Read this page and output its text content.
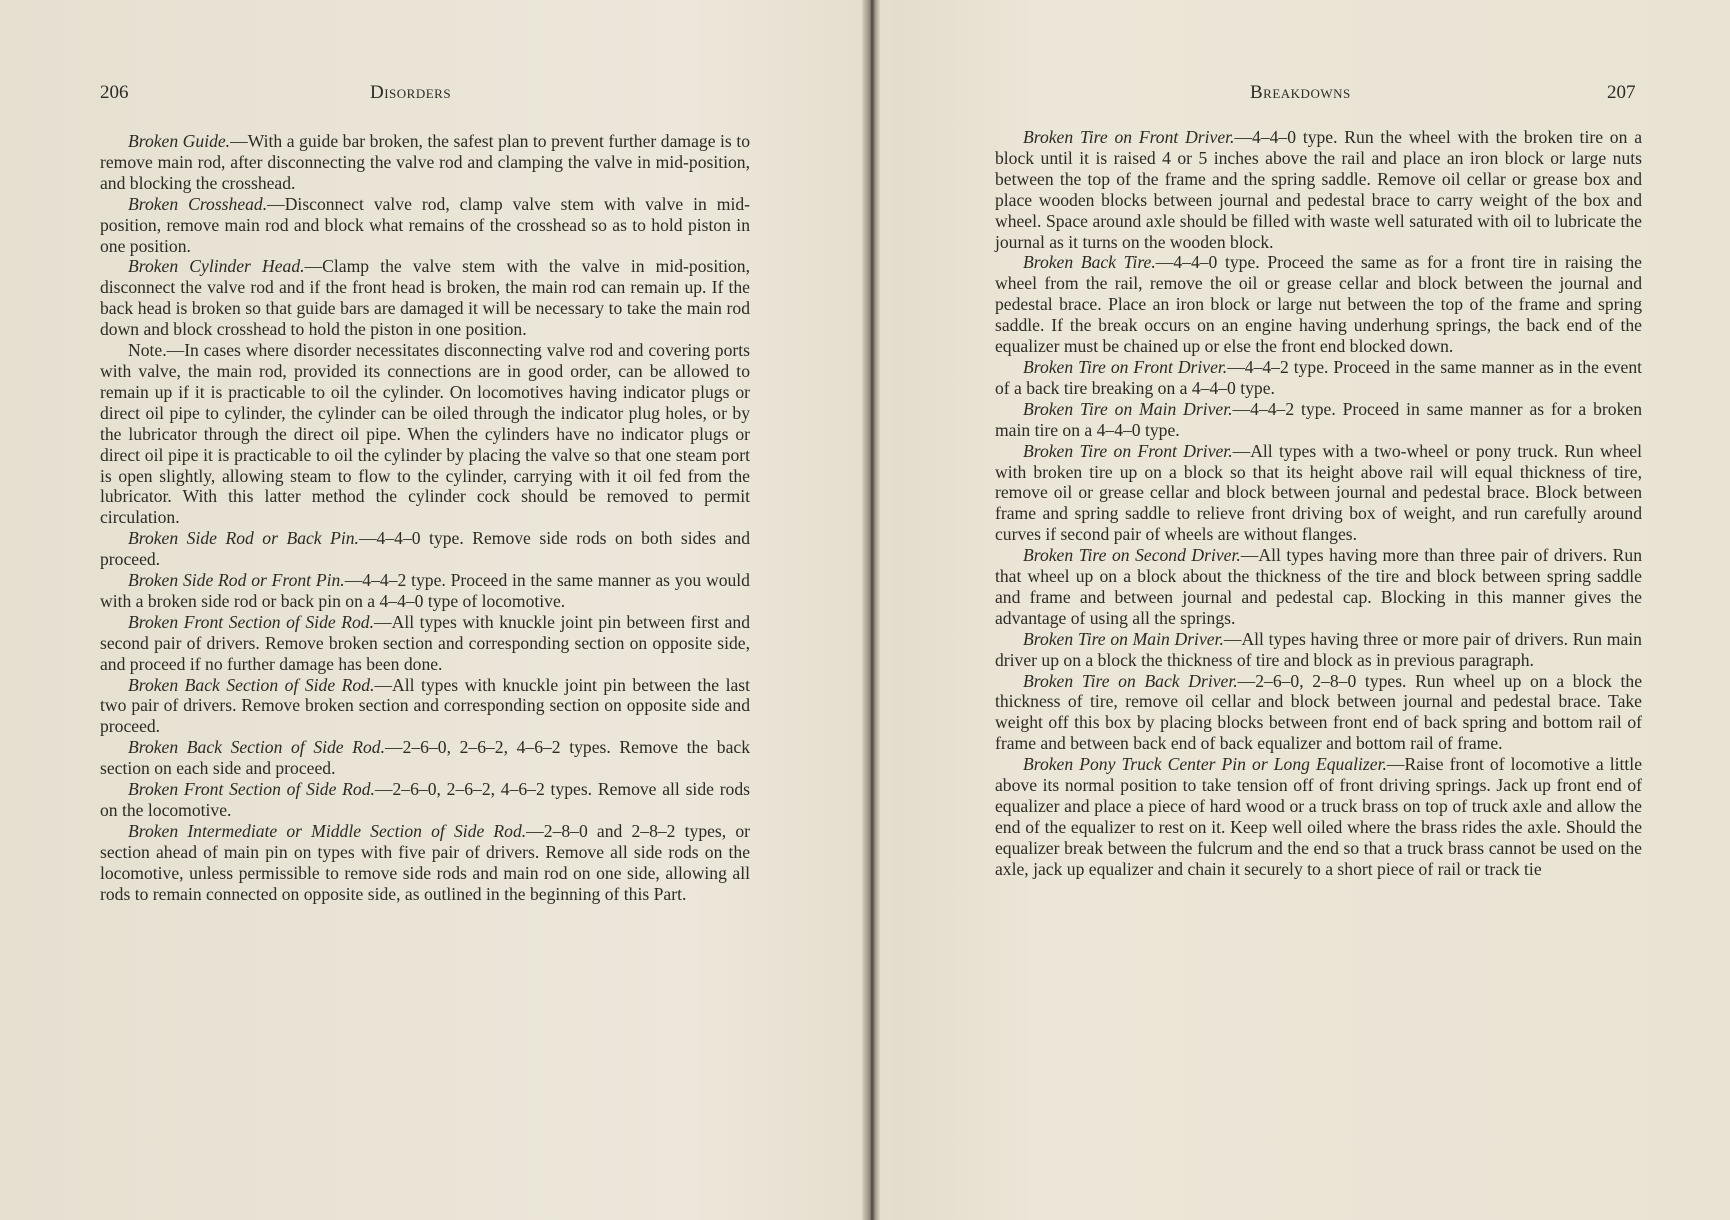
206	Disorders

Broken Guide.—With a guide bar broken, the safest plan to prevent further damage is to remove main rod, after disconnecting the valve rod and clamping the valve in mid-position, and blocking the crosshead.

Broken Crosshead.—Disconnect valve rod, clamp valve stem with valve in mid-position, remove main rod and block what remains of the crosshead so as to hold piston in one position.

Broken Cylinder Head.—Clamp the valve stem with the valve in mid-position, disconnect the valve rod and if the front head is broken, the main rod can remain up. If the back head is broken so that guide bars are damaged it will be necessary to take the main rod down and block crosshead to hold the piston in one position.

Note.—In cases where disorder necessitates disconnecting valve rod and covering ports with valve, the main rod, provided its connections are in good order, can be allowed to remain up if it is practicable to oil the cylinder. On locomotives having indicator plugs or direct oil pipe to cylinder, the cylinder can be oiled through the indicator plug holes, or by the lubricator through the direct oil pipe. When the cylinders have no indicator plugs or direct oil pipe it is practicable to oil the cylinder by placing the valve so that one steam port is open slightly, allowing steam to flow to the cylinder, carrying with it oil fed from the lubricator. With this latter method the cylinder cock should be removed to permit circulation.

Broken Side Rod or Back Pin.—4–4–0 type. Remove side rods on both sides and proceed.

Broken Side Rod or Front Pin.—4–4–2 type. Proceed in the same manner as you would with a broken side rod or back pin on a 4–4–0 type of locomotive.

Broken Front Section of Side Rod.—All types with knuckle joint pin between first and second pair of drivers. Remove broken section and corresponding section on opposite side, and proceed if no further damage has been done.

Broken Back Section of Side Rod.—All types with knuckle joint pin between the last two pair of drivers. Remove broken section and corresponding section on opposite side and proceed.

Broken Back Section of Side Rod.—2–6–0, 2–6–2, 4–6–2 types. Remove the back section on each side and proceed.

Broken Front Section of Side Rod.—2–6–0, 2–6–2, 4–6–2 types. Remove all side rods on the locomotive.

Broken Intermediate or Middle Section of Side Rod.—2–8–0 and 2–8–2 types, or section ahead of main pin on types with five pair of drivers. Remove all side rods on the locomotive, unless permissible to remove side rods and main rod on one side, allowing all rods to remain connected on opposite side, as outlined in the beginning of this Part.

Breakdowns	207

Broken Tire on Front Driver.—4–4–0 type. Run the wheel with the broken tire on a block until it is raised 4 or 5 inches above the rail and place an iron block or large nuts between the top of the frame and the spring saddle. Remove oil cellar or grease box and place wooden blocks between journal and pedestal brace to carry weight of the box and wheel. Space around axle should be filled with waste well saturated with oil to lubricate the journal as it turns on the wooden block.

Broken Back Tire.—4–4–0 type. Proceed the same as for a front tire in raising the wheel from the rail, remove the oil or grease cellar and block between the journal and pedestal brace. Place an iron block or large nut between the top of the frame and spring saddle. If the break occurs on an engine having underhung springs, the back end of the equalizer must be chained up or else the front end blocked down.

Broken Tire on Front Driver.—4–4–2 type. Proceed in the same manner as in the event of a back tire breaking on a 4–4–0 type.

Broken Tire on Main Driver.—4–4–2 type. Proceed in same manner as for a broken main tire on a 4–4–0 type.

Broken Tire on Front Driver.—All types with a two-wheel or pony truck. Run wheel with broken tire up on a block so that its height above rail will equal thickness of tire, remove oil or grease cellar and block between journal and pedestal brace. Block between frame and spring saddle to relieve front driving box of weight, and run carefully around curves if second pair of wheels are without flanges.

Broken Tire on Second Driver.—All types having more than three pair of drivers. Run that wheel up on a block about the thickness of the tire and block between spring saddle and frame and between journal and pedestal cap. Blocking in this manner gives the advantage of using all the springs.

Broken Tire on Main Driver.—All types having three or more pair of drivers. Run main driver up on a block the thickness of tire and block as in previous paragraph.

Broken Tire on Back Driver.—2–6–0, 2–8–0 types. Run wheel up on a block the thickness of tire, remove oil cellar and block between journal and pedestal brace. Take weight off this box by placing blocks between front end of back spring and bottom rail of frame and between back end of back equalizer and bottom rail of frame.

Broken Pony Truck Center Pin or Long Equalizer.—Raise front of locomotive a little above its normal position to take tension off of front driving springs. Jack up front end of equalizer and place a piece of hard wood or a truck brass on top of truck axle and allow the end of the equalizer to rest on it. Keep well oiled where the brass rides the axle. Should the equalizer break between the fulcrum and the end so that a truck brass cannot be used on the axle, jack up equalizer and chain it securely to a short piece of rail or track tie
